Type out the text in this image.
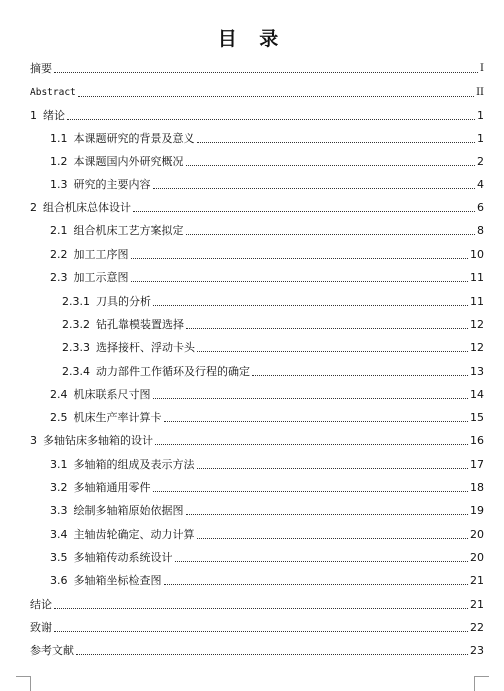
目 录
摘要	I
Abstract	II
1 绪论	1
1.1 本课题研究的背景及意义	1
1.2 本课题国内外研究概况	2
1.3 研究的主要内容	4
2 组合机床总体设计	6
2.1 组合机床工艺方案拟定	8
2.2 加工工序图	10
2.3 加工示意图	11
2.3.1 刀具的分析	11
2.3.2 钻孔靠模装置选择	12
2.3.3 选择接杆、浮动卡头	12
2.3.4 动力部件工作循环及行程的确定	13
2.4 机床联系尺寸图	14
2.5 机床生产率计算卡	15
3 多轴钻床多轴箱的设计	16
3.1 多轴箱的组成及表示方法	17
3.2 多轴箱通用零件	18
3.3 绘制多轴箱原始依据图	19
3.4 主轴齿轮确定、动力计算	20
3.5 多轴箱传动系统设计	20
3.6 多轴箱坐标检查图	21
结论	21
致谢	22
参考文献	23
